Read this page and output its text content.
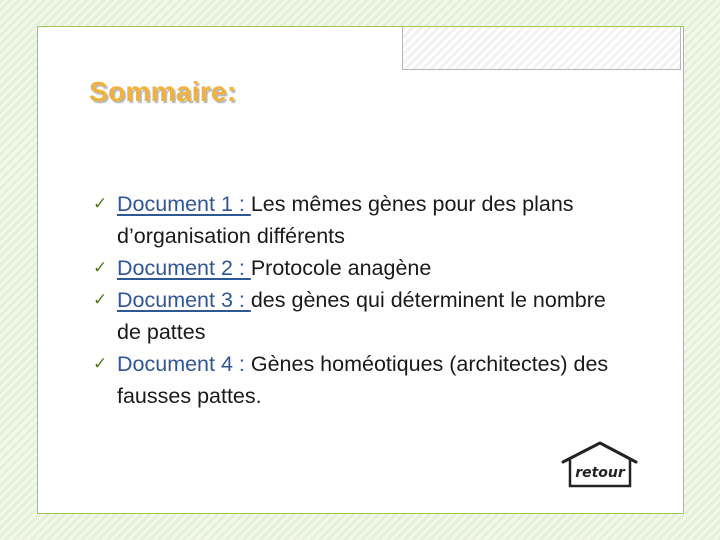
Sommaire:
✓ Document 1 : Les mêmes gènes pour des plans d’organisation différents
✓ Document 2 : Protocole anagène
✓ Document 3 : des gènes qui déterminent le nombre de pattes
✓ Document 4 : Gènes homéotiques (architectes) des fausses pattes.
retour
